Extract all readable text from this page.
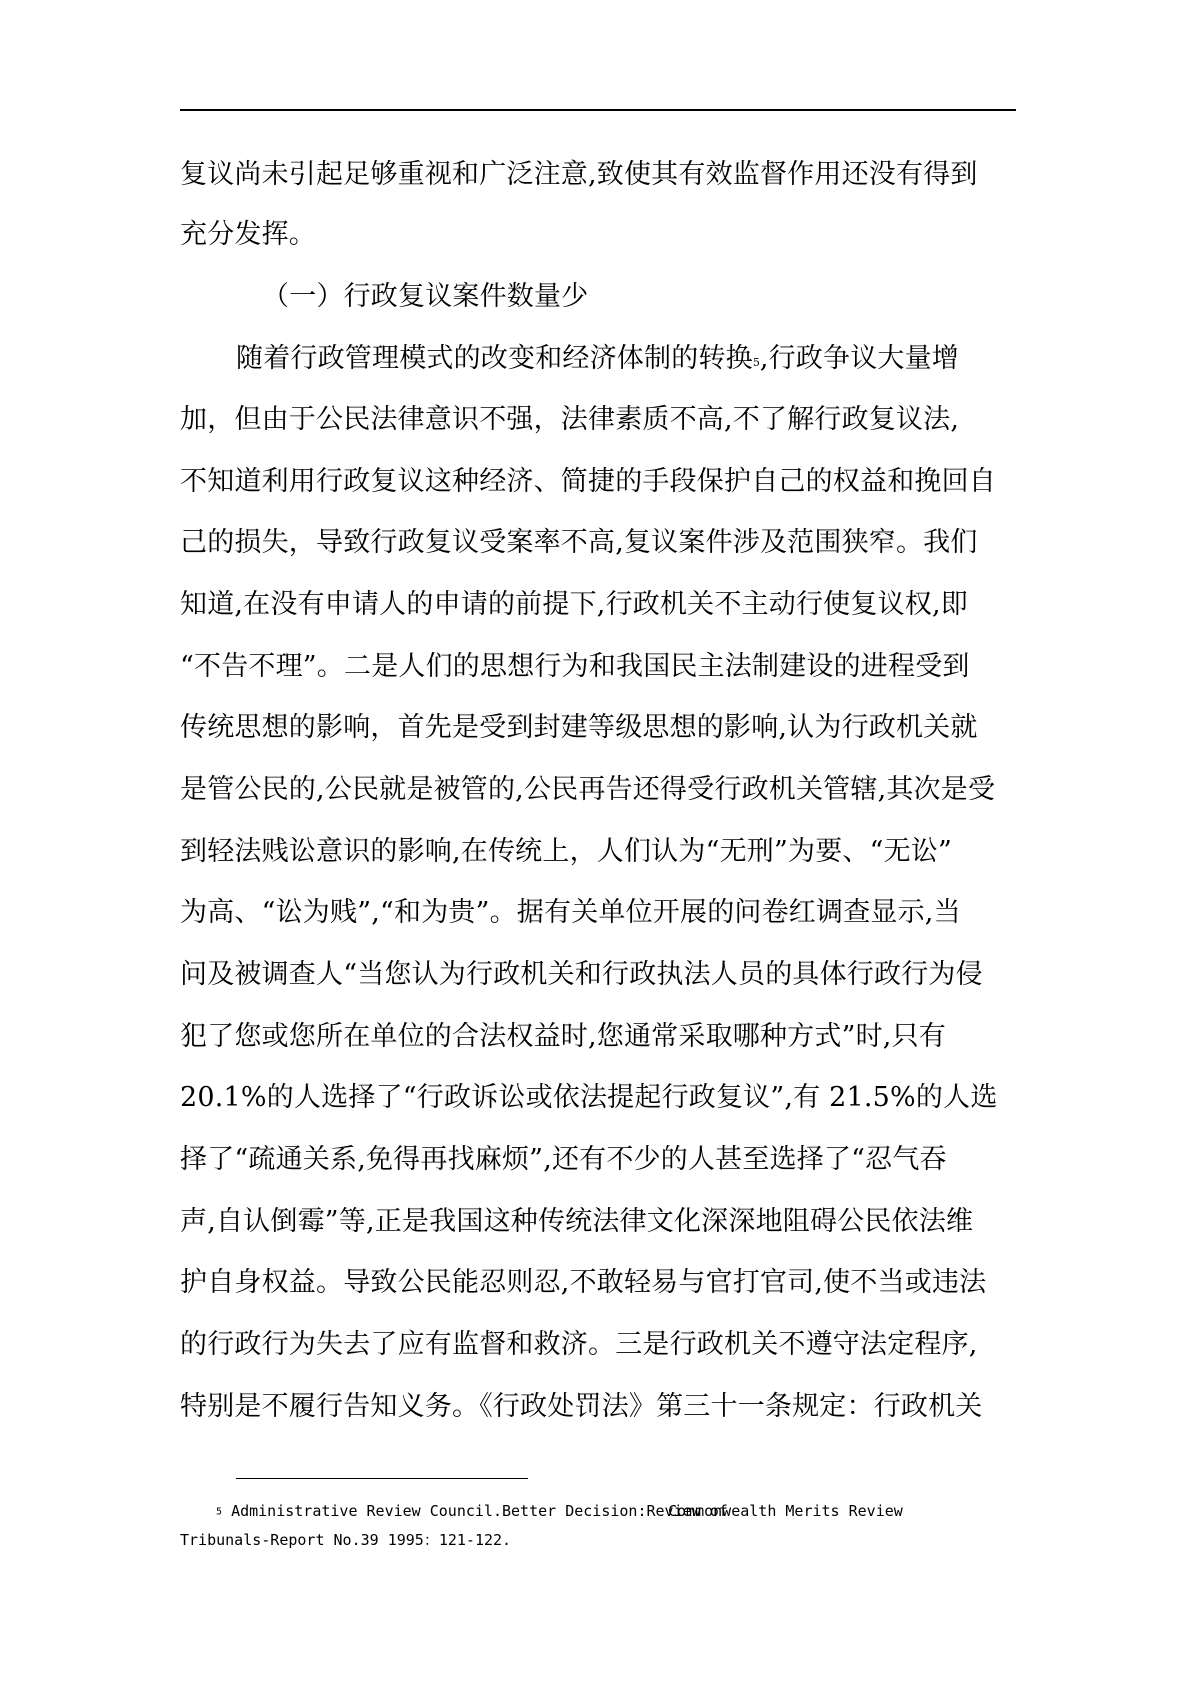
复议尚未引起足够重视和广泛注意,致使其有效监督作用还没有得到
充分发挥。
（一）行政复议案件数量少
随着行政管理模式的改变和经济体制的转换5,行政争议大量增
加，但由于公民法律意识不强，法律素质不高,不了解行政复议法,
不知道利用行政复议这种经济、简捷的手段保护自己的权益和挽回自
己的损失，导致行政复议受案率不高,复议案件涉及范围狭窄。我们
知道,在没有申请人的申请的前提下,行政机关不主动行使复议权,即
“不告不理”。二是人们的思想行为和我国民主法制建设的进程受到
传统思想的影响，首先是受到封建等级思想的影响,认为行政机关就
是管公民的,公民就是被管的,公民再告还得受行政机关管辖,其次是受
到轻法贱讼意识的影响,在传统上，人们认为“无刑”为要、“无讼”
为高、“讼为贱”,“和为贵”。据有关单位开展的问卷红调查显示,当
问及被调查人“当您认为行政机关和行政执法人员的具体行政行为侵
犯了您或您所在单位的合法权益时,您通常采取哪种方式”时,只有
20.1%的人选择了“行政诉讼或依法提起行政复议”,有 21.5%的人选
择了“疏通关系,免得再找麻烦”,还有不少的人甚至选择了“忍气吞
声,自认倒霉”等,正是我国这种传统法律文化深深地阻碍公民依法维
护自身权益。导致公民能忍则忍,不敢轻易与官打官司,使不当或违法
的行政行为失去了应有监督和救济。三是行政机关不遵守法定程序,
特别是不履行告知义务。《行政处罚法》第三十一条规定：行政机关
5 Administrative Review Council.Better Decision:Review of
Commonwealth Merits Review
Tribunals-Report No.39 1995：121-122.
